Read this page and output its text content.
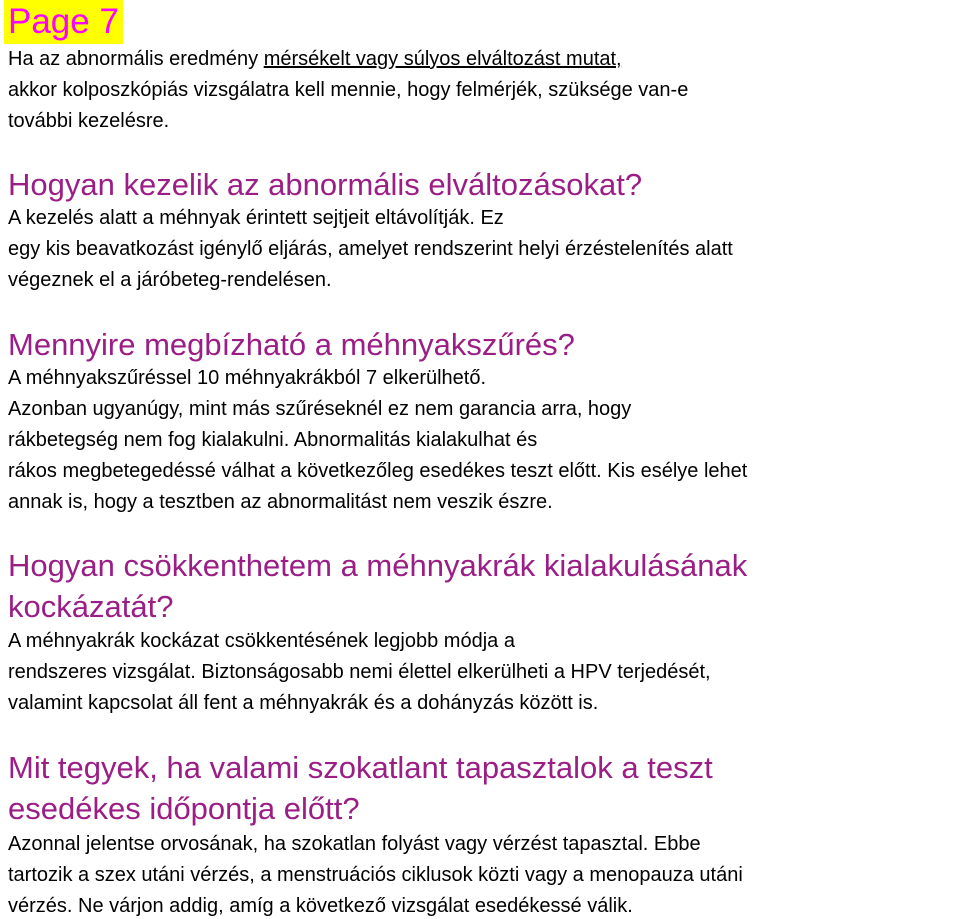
Page 7
Ha az abnormális eredmény mérsékelt vagy súlyos elváltozást mutat,
akkor kolposzkópiás vizsgálatra kell mennie, hogy felmérjék, szüksége van-e
további kezelésre.
Hogyan kezelik az abnormális elváltozásokat?
A kezelés alatt a méhnyak érintett sejtjeit eltávolítják. Ez
egy kis beavatkozást igénylő eljárás, amelyet rendszerint helyi érzéstelenítés alatt
végeznek el a járóbeteg-rendelésen.
Mennyire megbízható a méhnyakszűrés?
A méhnyakszűréssel 10 méhnyakrákból 7 elkerülhető.
Azonban ugyanúgy, mint más szűréseknél ez nem garancia arra, hogy
rákbetegség nem fog kialakulni. Abnormalitás kialakulhat és
rákos megbetegedéssé válhat a következőleg esedékes teszt előtt. Kis esélye lehet
annak is, hogy a tesztben az abnormalitást nem veszik észre.
Hogyan csökkenthetem a méhnyakrák kialakulásának
kockázatát?
A méhnyakrák kockázat csökkentésének legjobb módja a
rendszeres vizsgálat. Biztonságosabb nemi élettel elkerülheti a HPV terjedését,
valamint kapcsolat áll fent a méhnyakrák és a dohányzás között is.
Mit tegyek, ha valami szokatlant tapasztalok a teszt
esedékes időpontja előtt?
Azonnal jelentse orvosának, ha szokatlan folyást vagy vérzést tapasztal. Ebbe
tartozik a szex utáni vérzés, a menstruációs ciklusok közti vagy a menopauza utáni
vérzés. Ne várjon addig, amíg a következő vizsgálat esedékessé válik.
